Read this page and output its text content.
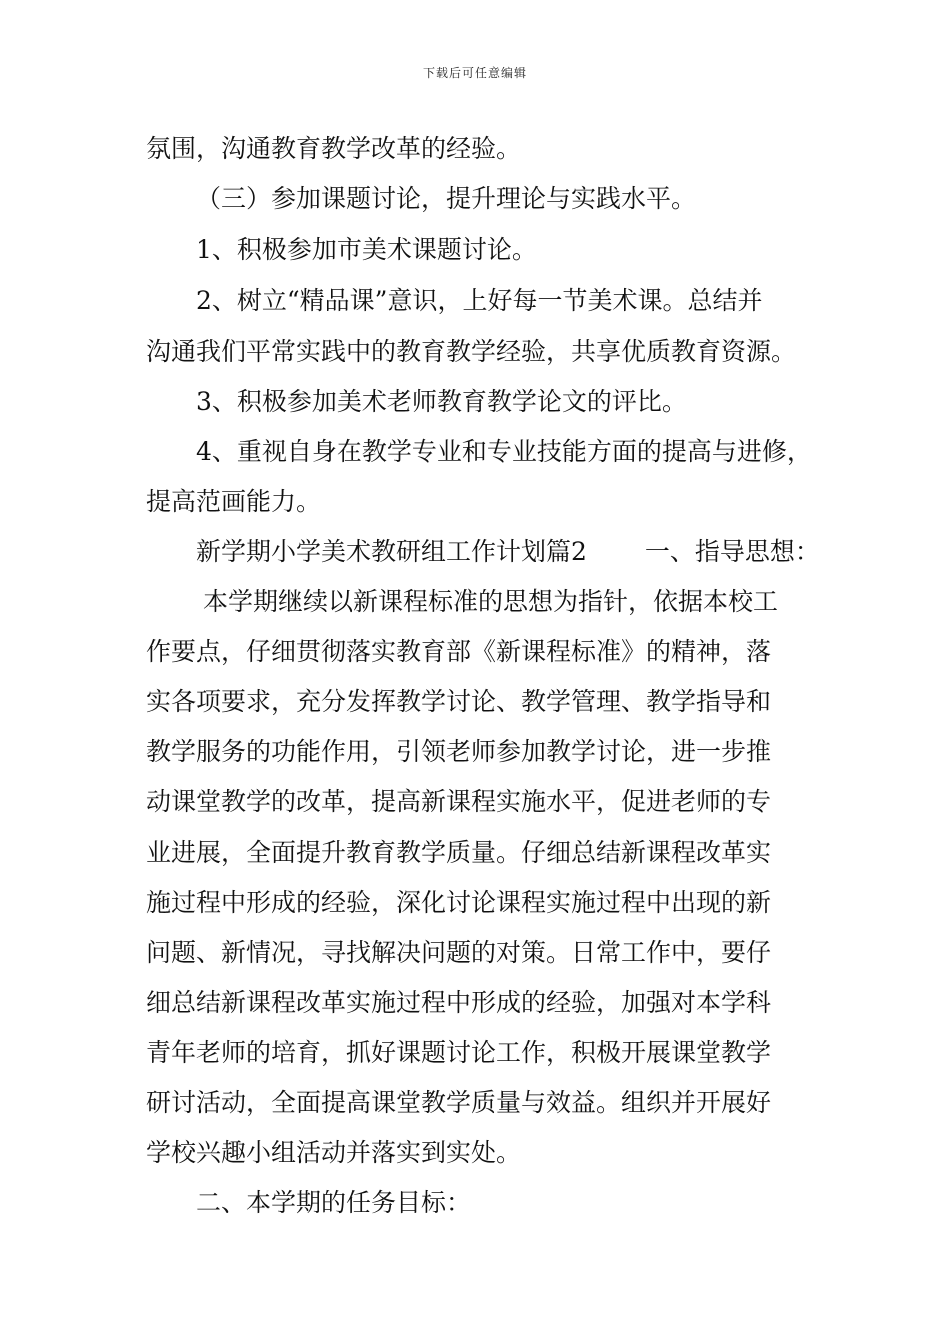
下载后可任意编辑
氛围，沟通教育教学改革的经验。
（三）参加课题讨论，提升理论与实践水平。
1、积极参加市美术课题讨论。
2、树立“精品课”意识，上好每一节美术课。总结并
沟通我们平常实践中的教育教学经验，共享优质教育资源。
3、积极参加美术老师教育教学论文的评比。
4、重视自身在教学专业和专业技能方面的提高与进修，
提高范画能力。
新学期小学美术教研组工作计划篇2 　　一、指导思想：
本学期继续以新课程标准的思想为指针，依据本校工
作要点，仔细贯彻落实教育部《新课程标准》的精神，落
实各项要求，充分发挥教学讨论、教学管理、教学指导和
教学服务的功能作用，引领老师参加教学讨论，进一步推
动课堂教学的改革，提高新课程实施水平，促进老师的专
业进展，全面提升教育教学质量。仔细总结新课程改革实
施过程中形成的经验，深化讨论课程实施过程中出现的新
问题、新情况，寻找解决问题的对策。日常工作中，要仔
细总结新课程改革实施过程中形成的经验，加强对本学科
青年老师的培育，抓好课题讨论工作，积极开展课堂教学
研讨活动，全面提高课堂教学质量与效益。组织并开展好
学校兴趣小组活动并落实到实处。
二、本学期的任务目标：
